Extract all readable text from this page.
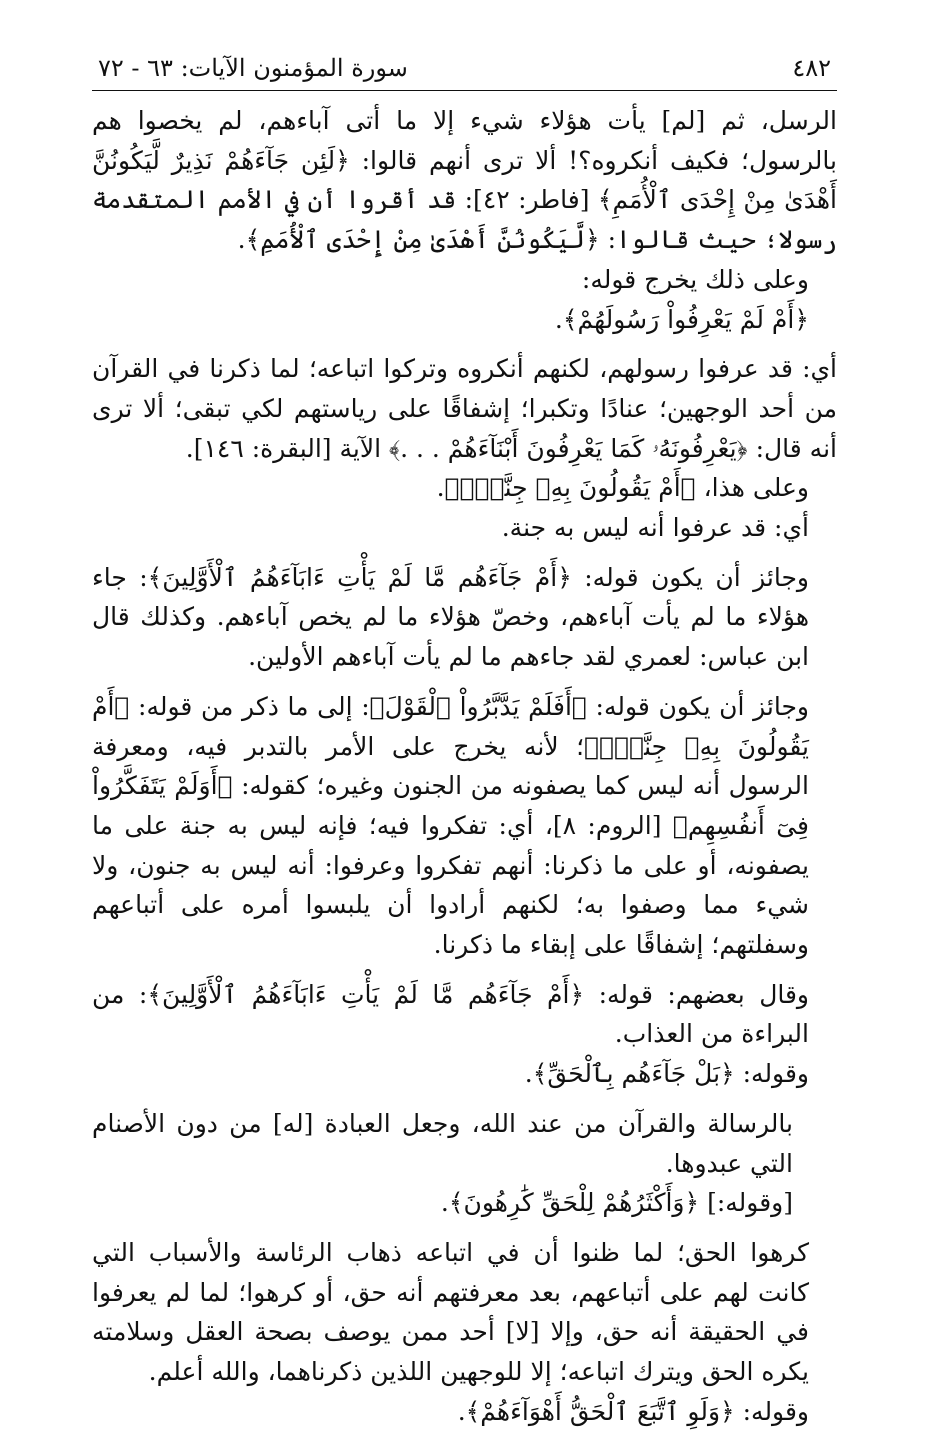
٤٨٢
سورة المؤمنون الآيات: ٦٣ - ٧٢

الرسل، ثم [لم] يأت هؤلاء شيء إلا ما أتى آباءهم، لم يخصوا هم بالرسول؛ فكيف أنكروه؟! ألا ترى أنهم قالوا: ﴿لَئِن جَآءَهُمْ نَذِيرٌ لَّيَكُونُنَّ أَهْدَىٰ مِنْ إِحْدَى ٱلْأُمَمِ﴾ [فاطر: ٤٢]: قد أقروا أن في الأمم المتقدمة رسولا؛ حيث قالوا: ﴿لَّيَكُونُنَّ أَهْدَىٰ مِنْ إِحْدَى ٱلْأُمَمِ﴾.

وعلى ذلك يخرج قوله:

﴿أَمْ لَمْ يَعْرِفُواْ رَسُولَهُمْ﴾.

أي: قد عرفوا رسولهم، لكنهم أنكروه وتركوا اتباعه؛ لما ذكرنا في القرآن من أحد الوجهين؛ عنادًا وتكبرا؛ إشفاقًا على رياستهم لكي تبقى؛ ألا ترى أنه قال: ﴿يَعْرِفُونَهُۥ كَمَا يَعْرِفُونَ أَبْنَآءَهُمْ . . .﴾ الآية [البقرة: ١٤٦].

وعلى هذا، ﴿أَمْ يَقُولُونَ بِهِۦ جِنَّةٌۢ﴾.

أي: قد عرفوا أنه ليس به جنة.

وجائز أن يكون قوله: ﴿أَمْ جَآءَهُم مَّا لَمْ يَأْتِ ءَابَآءَهُمُ ٱلْأَوَّلِينَ﴾: جاء هؤلاء ما لم يأت آباءهم، وخصّ هؤلاء ما لم يخص آباءهم. وكذلك قال ابن عباس: لعمري لقد جاءهم ما لم يأت آباءهم الأولين.

وجائز أن يكون قوله: ﴿أَفَلَمْ يَدَّبَّرُواْ ٱلْقَوْلَ﴾: إلى ما ذكر من قوله: ﴿أَمْ يَقُولُونَ بِهِۦ جِنَّةٌۢ﴾؛ لأنه يخرج على الأمر بالتدبر فيه، ومعرفة الرسول أنه ليس كما يصفونه من الجنون وغيره؛ كقوله: ﴿أَوَلَمْ يَتَفَكَّرُواْ فِىٓ أَنفُسِهِم﴾ [الروم: ٨]، أي: تفكروا فيه؛ فإنه ليس به جنة على ما يصفونه، أو على ما ذكرنا: أنهم تفكروا وعرفوا: أنه ليس به جنون، ولا شيء مما وصفوا به؛ لكنهم أرادوا أن يلبسوا أمره على أتباعهم وسفلتهم؛ إشفاقًا على إبقاء ما ذكرنا.

وقال بعضهم: قوله: ﴿أَمْ جَآءَهُم مَّا لَمْ يَأْتِ ءَابَآءَهُمُ ٱلْأَوَّلِينَ﴾: من البراءة من العذاب.

وقوله: ﴿بَلْ جَآءَهُم بِٱلْحَقِّ﴾.

بالرسالة والقرآن من عند الله، وجعل العبادة [له] من دون الأصنام التي عبدوها.

[وقوله:] ﴿وَأَكْثَرُهُمْ لِلْحَقِّ كَٰرِهُونَ﴾.

كرهوا الحق؛ لما ظنوا أن في اتباعه ذهاب الرئاسة والأسباب التي كانت لهم على أتباعهم، بعد معرفتهم أنه حق، أو كرهوا؛ لما لم يعرفوا في الحقيقة أنه حق، وإلا [لا] أحد ممن يوصف بصحة العقل وسلامته يكره الحق ويترك اتباعه؛ إلا للوجهين اللذين ذكرناهما، والله أعلم.

وقوله: ﴿وَلَوِ ٱتَّبَعَ ٱلْحَقُّ أَهْوَآءَهُمْ﴾.
